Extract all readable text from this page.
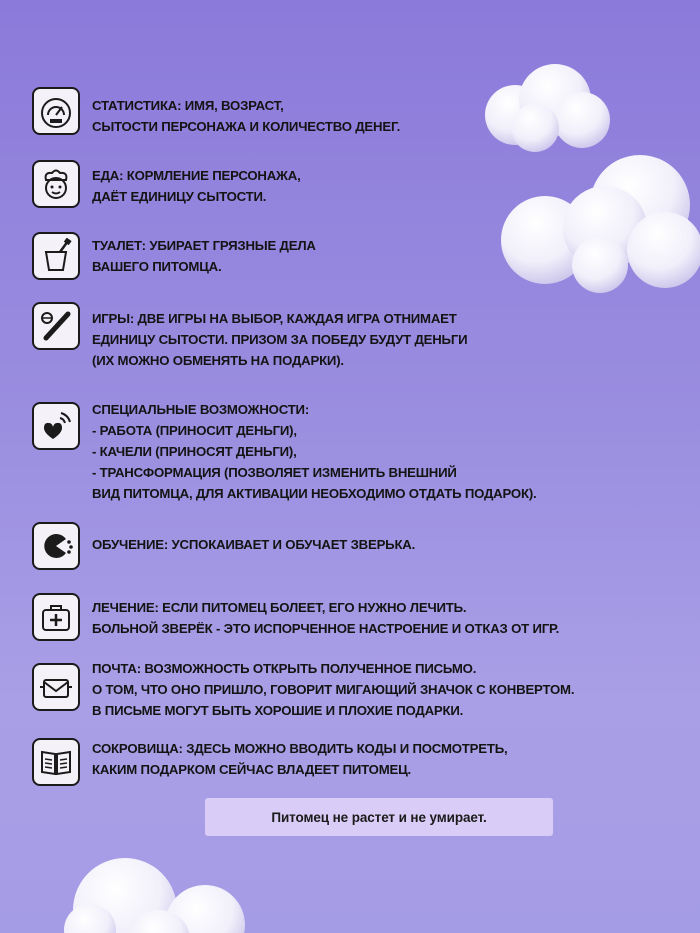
СТАТИСТИКА: ИМЯ, ВОЗРАСТ,
СЫТОСТИ ПЕРСОНАЖА И КОЛИЧЕСТВО ДЕНЕГ.
ЕДА: КОРМЛЕНИЕ ПЕРСОНАЖА,
ДАЁТ ЕДИНИЦУ СЫТОСТИ.
ТУАЛЕТ: УБИРАЕТ ГРЯЗНЫЕ ДЕЛА
ВАШЕГО ПИТОМЦА.
ИГРЫ: ДВЕ ИГРЫ НА ВЫБОР, КАЖДАЯ ИГРА ОТНИМАЕТ
ЕДИНИЦУ СЫТОСТИ. ПРИЗОМ ЗА ПОБЕДУ БУДУТ ДЕНЬГИ
(ИХ МОЖНО ОБМЕНЯТЬ НА ПОДАРКИ).
СПЕЦИАЛЬНЫЕ ВОЗМОЖНОСТИ:
- РАБОТА (ПРИНОСИТ ДЕНЬГИ),
- КАЧЕЛИ (ПРИНОСЯТ ДЕНЬГИ),
- ТРАНСФОРМАЦИЯ (ПОЗВОЛЯЕТ ИЗМЕНИТЬ ВНЕШНИЙ
ВИД ПИТОМЦА, ДЛЯ АКТИВАЦИИ НЕОБХОДИМО ОТДАТЬ ПОДАРОК).
ОБУЧЕНИЕ: УСПОКАИВАЕТ И ОБУЧАЕТ ЗВЕРЬКА.
ЛЕЧЕНИЕ: ЕСЛИ ПИТОМЕЦ БОЛЕЕТ, ЕГО НУЖНО ЛЕЧИТЬ.
БОЛЬНОЙ ЗВЕРЁК - ЭТО ИСПОРЧЕННОЕ НАСТРОЕНИЕ И ОТКАЗ ОТ ИГР.
ПОЧТА: ВОЗМОЖНОСТЬ ОТКРЫТЬ ПОЛУЧЕННОЕ ПИСЬМО.
О ТОМ, ЧТО ОНО ПРИШЛО, ГОВОРИТ МИГАЮЩИЙ ЗНАЧОК С КОНВЕРТОМ.
В ПИСЬМЕ МОГУТ БЫТЬ ХОРОШИЕ И ПЛОХИЕ ПОДАРКИ.
СОКРОВИЩА: ЗДЕСЬ МОЖНО ВВОДИТЬ КОДЫ И ПОСМОТРЕТЬ,
КАКИМ ПОДАРКОМ СЕЙЧАС ВЛАДЕЕТ ПИТОМЕЦ.
Питомец не растет и не умирает.
